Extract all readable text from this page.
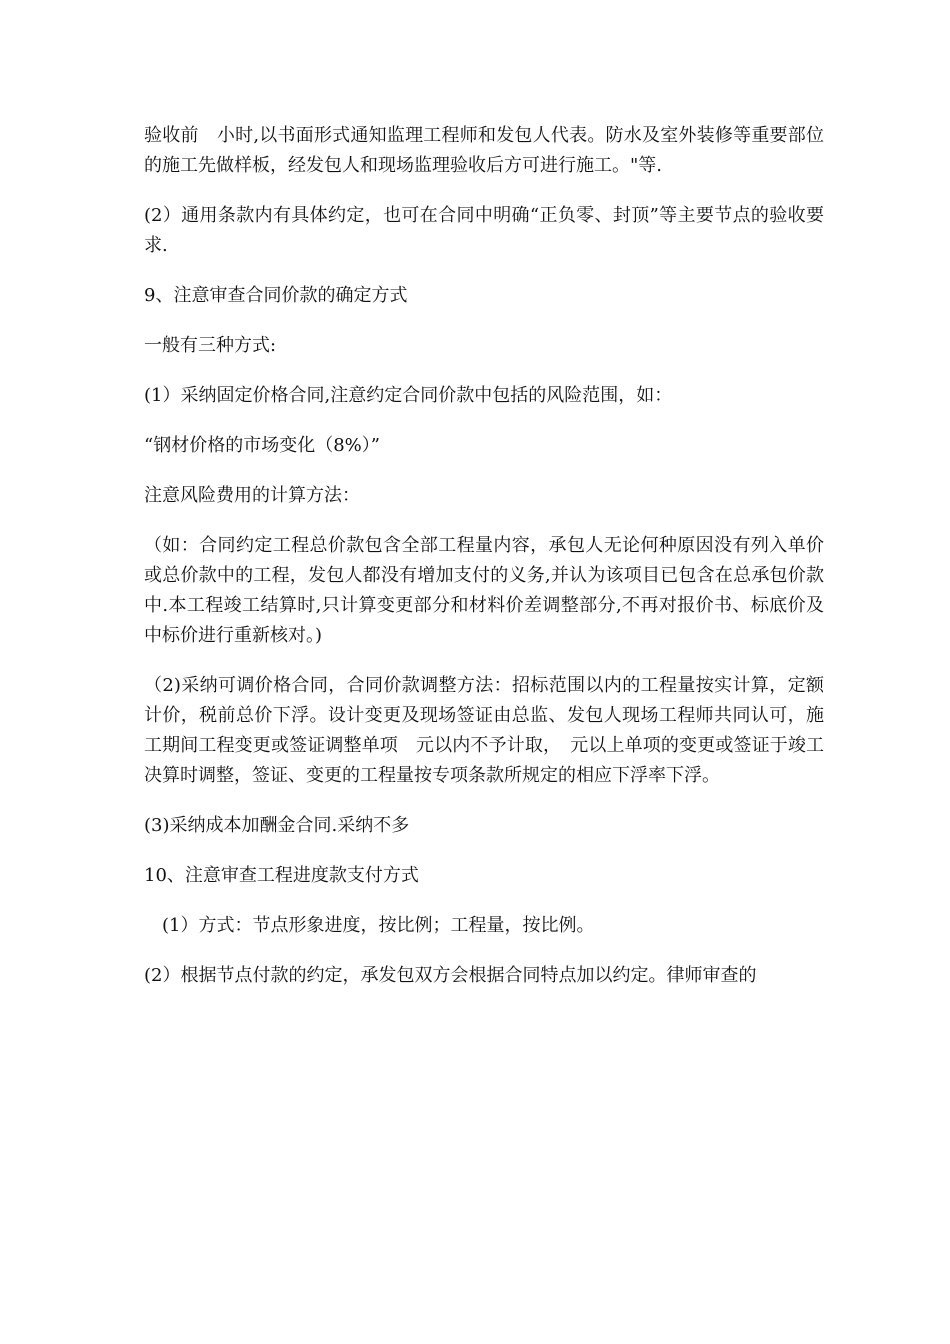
验收前　小时,以书面形式通知监理工程师和发包人代表。防水及室外装修等重要部位的施工先做样板，经发包人和现场监理验收后方可进行施工。"等.

(2）通用条款内有具体约定，也可在合同中明确“正负零、封顶”等主要节点的验收要求.

9、注意审查合同价款的确定方式

一般有三种方式:

(1）采纳固定价格合同,注意约定合同价款中包括的风险范围，如：

“钢材价格的市场变化（8%）”

注意风险费用的计算方法：

（如：合同约定工程总价款包含全部工程量内容，承包人无论何种原因没有列入单价或总价款中的工程，发包人都没有增加支付的义务,并认为该项目已包含在总承包价款中.本工程竣工结算时,只计算变更部分和材料价差调整部分,不再对报价书、标底价及中标价进行重新核对。)

（2)采纳可调价格合同，合同价款调整方法：招标范围以内的工程量按实计算，定额计价，税前总价下浮。设计变更及现场签证由总监、发包人现场工程师共同认可，施工期间工程变更或签证调整单项　元以内不予计取，　元以上单项的变更或签证于竣工决算时调整，签证、变更的工程量按专项条款所规定的相应下浮率下浮。

(3)采纳成本加酬金合同.采纳不多

10、注意审查工程进度款支付方式

　(1）方式：节点形象进度，按比例；工程量，按比例。

(2）根据节点付款的约定，承发包双方会根据合同特点加以约定。律师审查的
